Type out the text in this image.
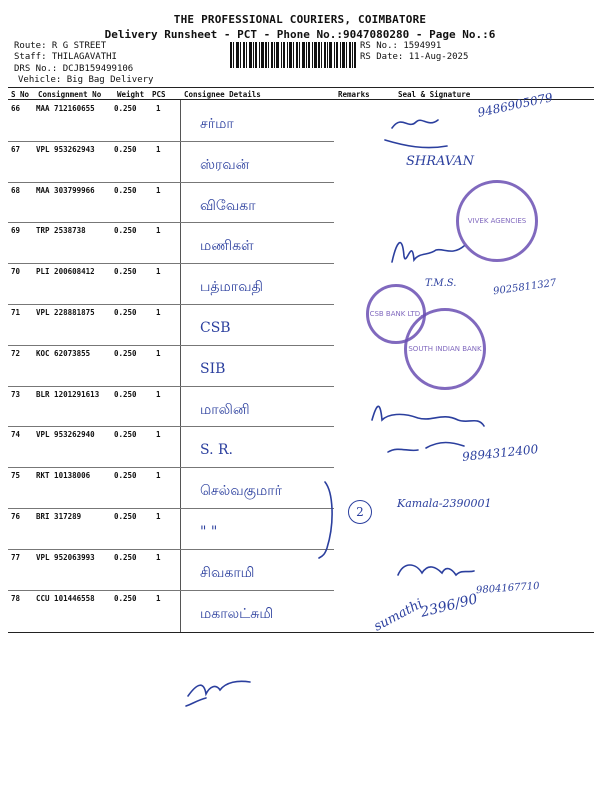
THE PROFESSIONAL COURIERS, COIMBATORE
Delivery Runsheet - PCT - Phone No.:9047080280 - Page No.:6
Route: R G STREET
Staff: THILAGAVATHI
DRS No.: DCJB159499106
Vehicle: Big Bag Delivery
RS No.: 1594991
RS Date: 11-Aug-2025
S No Consignment No Weight PCS Consignee Details	Remarks	Seal & Signature
66 MAA 712160655	0.250	1
சர்மா
67 VPL 953262943	0.250	1
ஸ்ரவன்
68 MAA 303799966	0.250	1
விவேகா
69 TRP 2538738	0.250	1
மணிகள்
70 PLI 200608412	0.250	1
பத்மாவதி
71 VPL 228881875	0.250	1
CSB
72 KOC 62073855	0.250	1
SIB
73 BLR 1201291613 0.250	1
மாலினி
74 VPL 953262940	0.250	1
S. R.
75 RKT 10138006	0.250	1
செல்வகுமார்
76 BRI 317289	0.250	1
" "
77 VPL 952063993	0.250	1
சிவகாமி
78 CCU 101446558	0.250	1
மகாலட்சுமி
9486905079
SHRAVAN
T.M.S.	9025811327
9894312400
Kamala-2390001
9804167710
sumathi
2396/90
2
VIVEK AGENCIES
CSB BANK LTD.
SOUTH INDIAN BANK
